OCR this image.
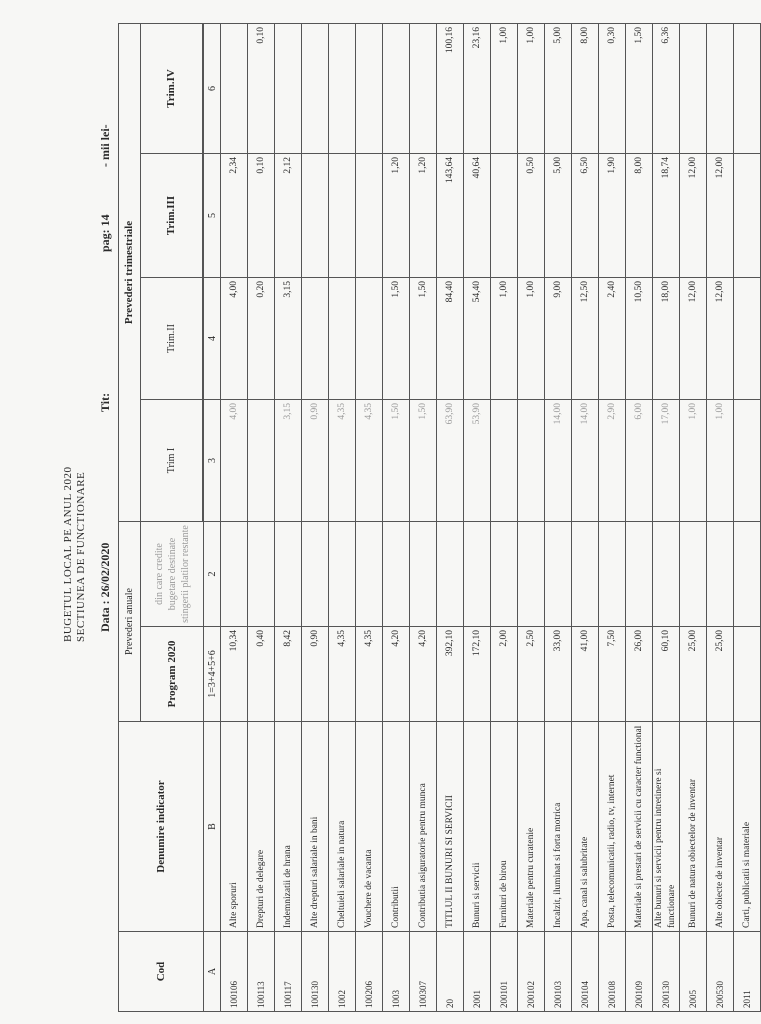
BUGETUL LOCAL PE ANUL 2020 SECTIUNEA DE FUNCTIONARE Data : 26/02/2020
Tit:
pag: 14
- mii lei-
Cod	Denumire indicator	Prevederi anuale		Prevederi trimestriale			
		Program 2020	din care credite bugetare destinate stingerii platilor restante	Trim I	Trim.II	Trim.III	Trim.IV

A	B	1=3+4+5+6	2	3	4	5	6
100106	Alte sporuri	10,34		4,00	4,00	2,34	
100113	Drepturi de delegare	0,40			0,20	0,10	0,10
100117	Indemnizatii de hrana	8,42		3,15	3,15	2,12	
100130	Alte drepturi salariale in bani	0,90		0,90			
1002	Cheltuieli salariale in natura	4,35		4,35			
100206	Vouchere de vacanta	4,35		4,35			
1003	Contributii	4,20		1,50	1,50	1,20	
100307	Contributia asiguratorie pentru munca	4,20		1,50	1,50	1,20	
20	TITLUL II BUNURI SI SERVICII	392,10		63,90	84,40	143,64	100,16
2001	Bunuri si servicii	172,10		53,90	54,40	40,64	23,16
200101	Furnituri de birou	2,00			1,00		1,00
200102	Materiale pentru curatenie	2,50			1,00	0,50	1,00
200103	Incalzit, iluminat si forta motrica	33,00		14,00	9,00	5,00	5,00
200104	Apa, canal si salubritate	41,00		14,00	12,50	6,50	8,00
200108	Posta, telecomunicatii, radio, tv, internet	7,50		2,90	2,40	1,90	0,30
200109	Materiale si prestari de servicii cu caracter functional	26,00		6,00	10,50	8,00	1,50
200130	Alte bunuri si servicii pentru intretinere si functionare	60,10		17,00	18,00	18,74	6,36
2005	Bunuri de natura obiectelor de inventar	25,00		1,00	12,00	12,00	
200530	Alte obiecte de inventar	25,00		1,00	12,00	12,00	
2011	Carti, publicatii si materiale						
